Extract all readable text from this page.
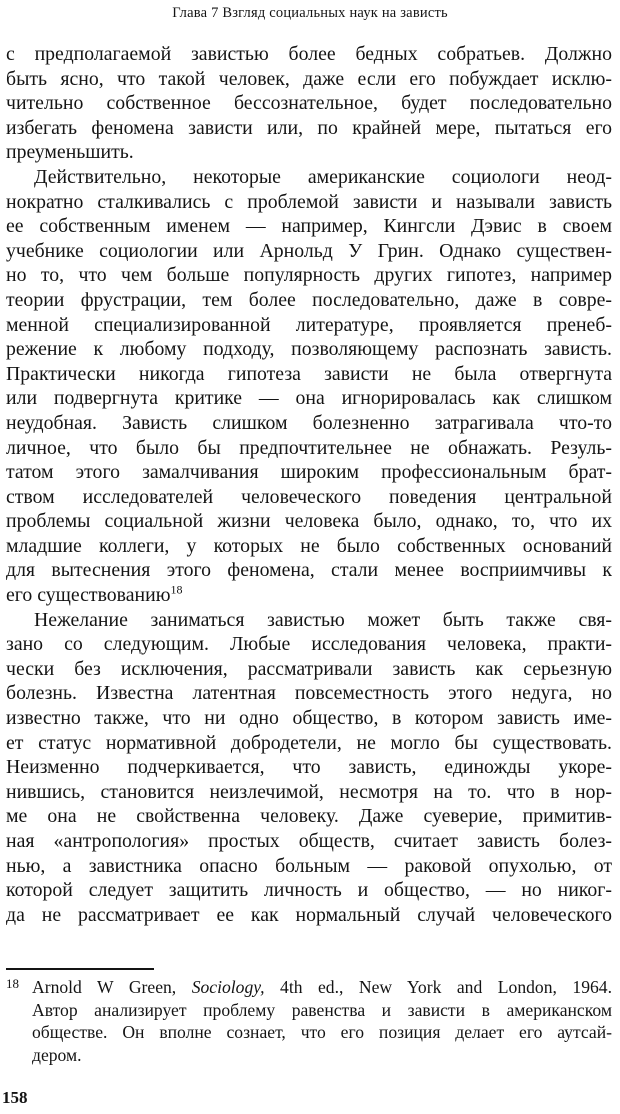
Глава 7 Взгляд социальных наук на зависть
с предполагаемой завистью более бедных собратьев. Должно
быть ясно, что такой человек, даже если его побуждает исклю-
чительно собственное бессознательное, будет последовательно
избегать феномена зависти или, по крайней мере, пытаться его
преуменьшить.
Действительно, некоторые американские социологи неод-
нократно сталкивались с проблемой зависти и называли зависть
ее собственным именем — например, Кингсли Дэвис в своем
учебнике социологии или Арнольд У Грин. Однако существен-
но то, что чем больше популярность других гипотез, например
теории фрустрации, тем более последовательно, даже в совре-
менной специализированной литературе, проявляется пренеб-
режение к любому подходу, позволяющему распознать зависть.
Практически никогда гипотеза зависти не была отвергнута
или подвергнута критике — она игнорировалась как слишком
неудобная. Зависть слишком болезненно затрагивала что-то
личное, что было бы предпочтительнее не обнажать. Резуль-
татом этого замалчивания широким профессиональным брат-
ством исследователей человеческого поведения центральной
проблемы социальной жизни человека было, однако, то, что их
младшие коллеги, у которых не было собственных оснований
для вытеснения этого феномена, стали менее восприимчивы к
его существованию$^{18}$
Нежелание заниматься завистью может быть также свя-
зано со следующим. Любые исследования человека, практи-
чески без исключения, рассматривали зависть как серьезную
болезнь. Известна латентная повсеместность этого недуга, но
известно также, что ни одно общество, в котором зависть име-
ет статус нормативной добродетели, не могло бы существовать.
Неизменно подчеркивается, что зависть, единожды укоре-
нившись, становится неизлечимой, несмотря на то. что в нор-
ме она не свойственна человеку. Даже суеверие, примитив-
ная «антропология» простых обществ, считает зависть болез-
нью, а завистника опасно больным — раковой опухолью, от
которой следует защитить личность и общество, — но никог-
да не рассматривает ее как нормальный случай человеческого
18 Arnold W Green, Sociology, 4th ed., New York and London, 1964.
Автор анализирует проблему равенства и зависти в американском
обществе. Он вполне сознает, что его позиция делает его аутсай-
дером.
158
